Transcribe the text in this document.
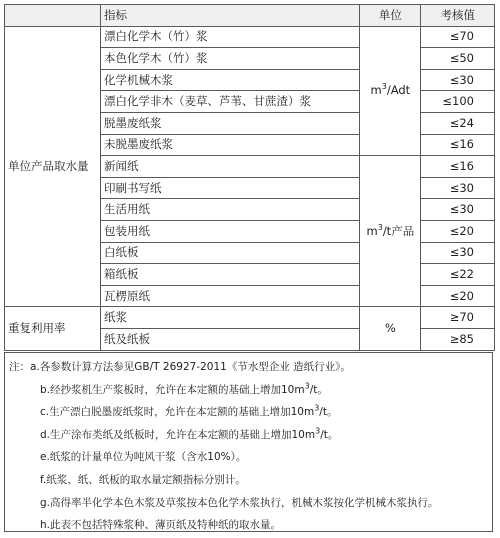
	指标	单位	考核值
单位产品取水量	漂白化学木（竹）浆	$m^3$/Adt	≤70
	本色化学木（竹）浆		≤50
	化学机械木浆		≤30
	漂白化学非木（麦草、芦苇、甘蔗渣）浆		≤100
	脱墨废纸浆		≤24
	未脱墨废纸浆		≤16
	新闻纸	$m^3/t$产品	≤16
	印刷书写纸		≤30
	生活用纸		≤30
	包装用纸		≤20
	白纸板		≤30
	箱纸板		≤22
	瓦楞原纸		≤20
重复利用率	纸浆	%	≥70
	纸及纸板		≥85
注：a.各参数计算方法参见GB/T 26927-2011《节水型企业 造纸行业》。
b.经抄浆机生产浆板时，允许在本定额的基础上增加$10m^3/t$。
c.生产漂白脱墨废纸浆时，允许在本定额的基础上增加$10m^3/t$。
d.生产涂布类纸及纸板时，允许在本定额的基础上增加$10m^3/t$。
e.纸浆的计量单位为吨风干浆（含水10%）。
f.纸浆、纸、纸板的取水量定额指标分别计。
g.高得率半化学本色木浆及草浆按本色化学木浆执行，机械木浆按化学机械木浆执行。
h.此表不包括特殊浆种、薄页纸及特种纸的取水量。
